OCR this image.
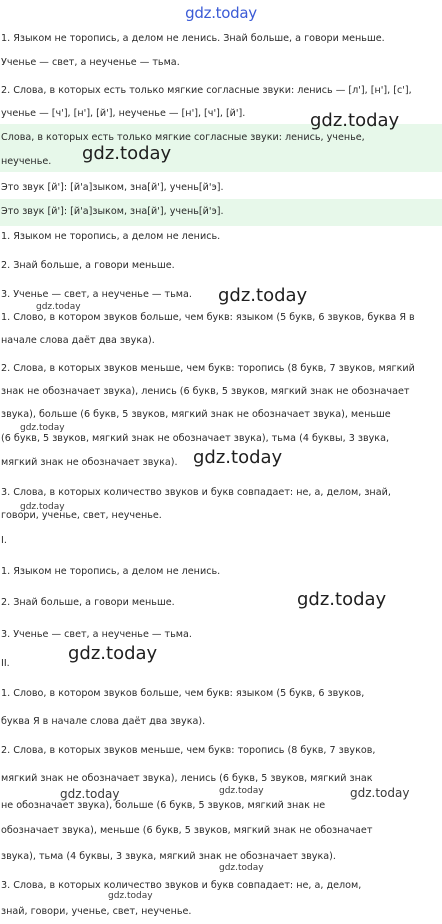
gdz.today
1. Языком не торопись, а делом не ленись. Знай больше, а говори меньше.
Ученье — свет, а неученье — тьма.
2. Слова, в которых есть только мягкие согласные звуки: ленись — [л'], [н'], [с'],
ученье — [ч'], [н'], [й'], неученье — [н'], [ч'], [й'].
Слова, в которых есть только мягкие согласные звуки: ленись, ученье,
неученье.
Это звук [й']: [й'а]зыком, зна[й'], учень[й'э].
Это звук [й']: [й'а]зыком, зна[й'], учень[й'э].
1. Языком не торопись, а делом не ленись.
2. Знай больше, а говори меньше.
3. Ученье — свет, а неученье — тьма.
1. Слово, в котором звуков больше, чем букв: языком (5 букв, 6 звуков, буква Я в
начале слова даёт два звука).
2. Слова, в которых звуков меньше, чем букв: торопись (8 букв, 7 звуков, мягкий
знак не обозначает звука), ленись (6 букв, 5 звуков, мягкий знак не обозначает
звука), больше (6 букв, 5 звуков, мягкий знак не обозначает звука), меньше
(6 букв, 5 звуков, мягкий знак не обозначает звука), тьма (4 буквы, 3 звука,
мягкий знак не обозначает звука).
3. Слова, в которых количество звуков и букв совпадает: не, а, делом, знай,
говори, ученье, свет, неученье.
I.
1. Языком не торопись, а делом не ленись.
2. Знай больше, а говори меньше.
3. Ученье — свет, а неученье — тьма.
II.
1. Слово, в котором звуков больше, чем букв: языком (5 букв, 6 звуков,
буква Я в начале слова даёт два звука).
2. Слова, в которых звуков меньше, чем букв: торопись (8 букв, 7 звуков,
мягкий знак не обозначает звука), ленись (6 букв, 5 звуков, мягкий знак
не обозначает звука), больше (6 букв, 5 звуков, мягкий знак не
обозначает звука), меньше (6 букв, 5 звуков, мягкий знак не обозначает
звука), тьма (4 буквы, 3 звука, мягкий знак не обозначает звука).
3. Слова, в которых количество звуков и букв совпадает: не, а, делом,
знай, говори, ученье, свет, неученье.
gdz.today
gdz.today
gdz.today
gdz.today
gdz.today
gdz.today
gdz.today
gdz.today
gdz.today
gdz.today	gdz.today	gdz.today
gdz.today
gdz.today
